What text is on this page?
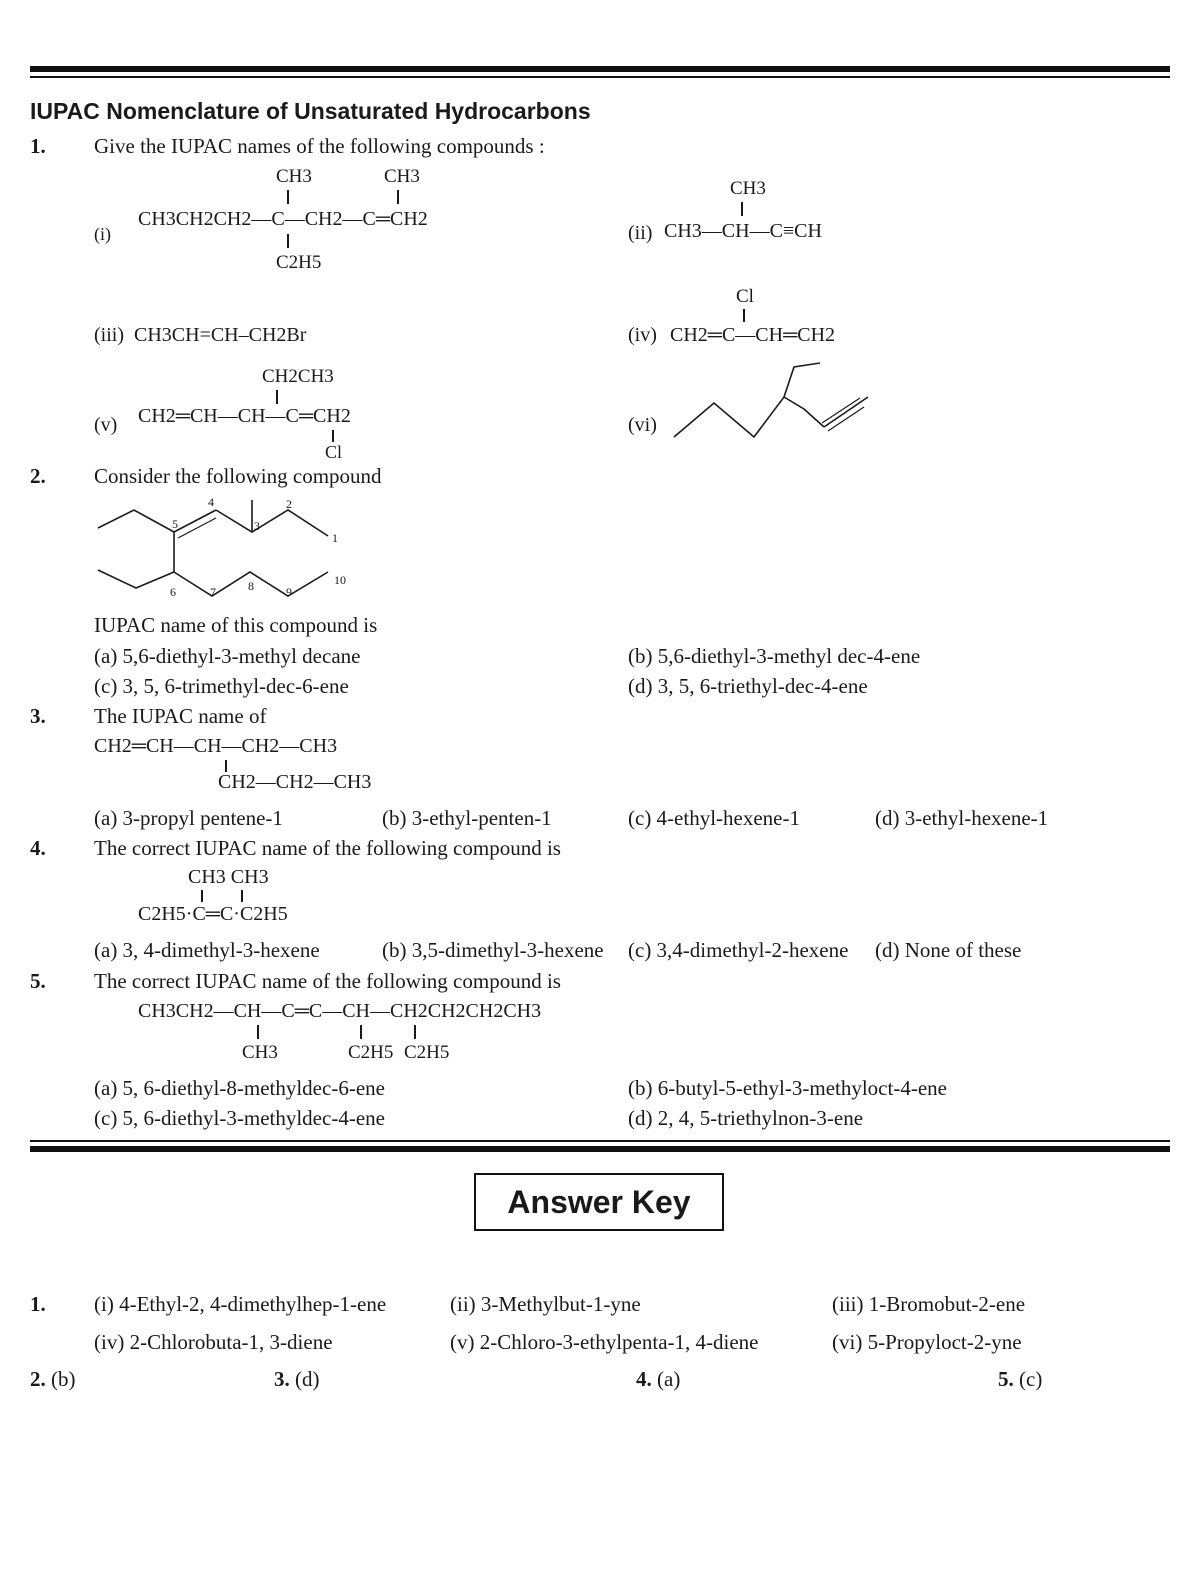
IUPAC Nomenclature of Unsaturated Hydrocarbons
1. Give the IUPAC names of the following compounds :
(i)
CH3	CH3
CH3CH2CH2—C—CH2—C═CH2
C2H5
CH3
(ii) CH3—CH—C≡CH
(iii) CH3CH=CH–CH2Br
Cl
(iv) CH2═C—CH═CH2
CH2CH3
(v) CH2═CH—CH—C═CH2
Cl
(vi)
2. Consider the following compound
1
2
3
4
5
6	7	8	9
10
IUPAC name of this compound is
(a) 5,6-diethyl-3-methyl decane	(b) 5,6-diethyl-3-methyl dec-4-ene
(c) 3, 5, 6-trimethyl-dec-6-ene	(d) 3, 5, 6-triethyl-dec-4-ene
3. The IUPAC name of
CH2═CH—CH—CH2—CH3
CH2—CH2—CH3
(a) 3-propyl pentene-1	(b) 3-ethyl-penten-1	(c) 4-ethyl-hexene-1	(d) 3-ethyl-hexene-1
4. The correct IUPAC name of the following compound is
CH3 CH3
C2H5·C═C·C2H5
(a) 3, 4-dimethyl-3-hexene	(b) 3,5-dimethyl-3-hexene (c) 3,4-dimethyl-2-hexene (d) None of these
5. The correct IUPAC name of the following compound is
CH3CH2—CH—C═C—CH—CH2CH2CH2CH3
CH3	C2H5 C2H5
(a) 5, 6-diethyl-8-methyldec-6-ene	(b) 6-butyl-5-ethyl-3-methyloct-4-ene
(c) 5, 6-diethyl-3-methyldec-4-ene	(d) 2, 4, 5-triethylnon-3-ene
Answer Key
1. (i) 4-Ethyl-2, 4-dimethylhep-1-ene	(ii) 3-Methylbut-1-yne	(iii) 1-Bromobut-2-ene
(iv) 2-Chlorobuta-1, 3-diene	(v) 2-Chloro-3-ethylpenta-1, 4-diene	(vi) 5-Propyloct-2-yne
2. (b)	3. (d)	4. (a)	5. (c)
